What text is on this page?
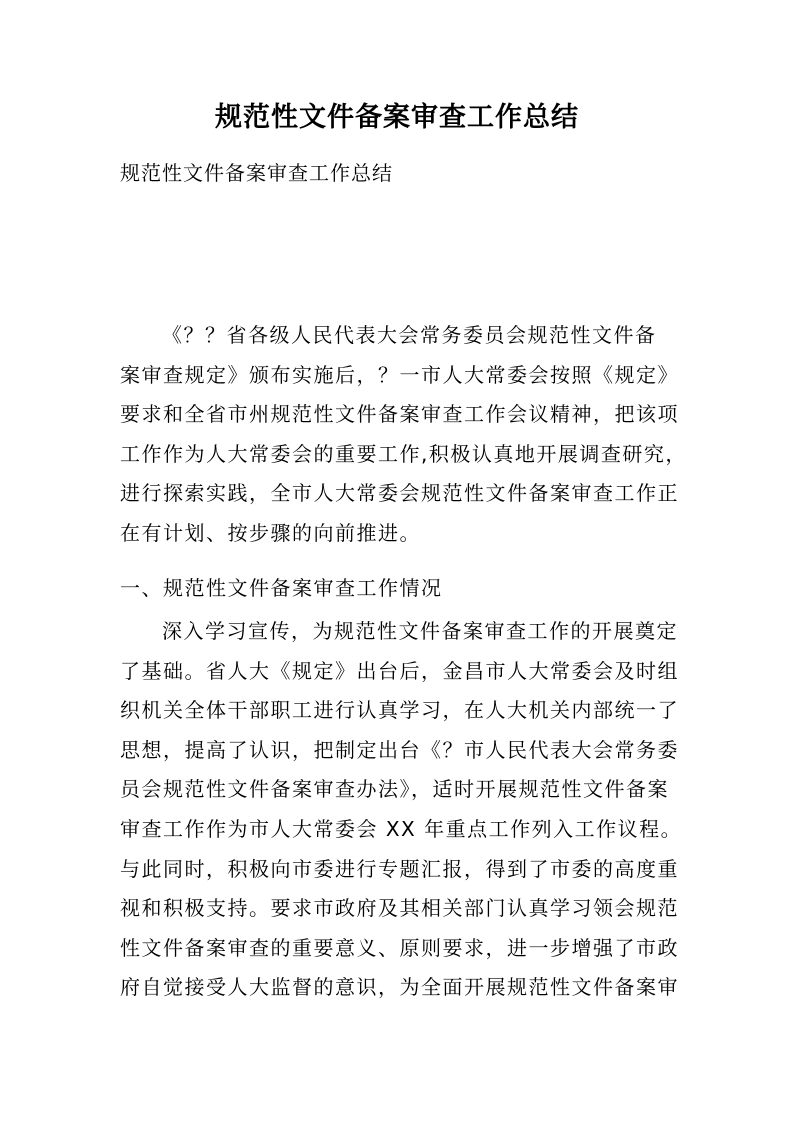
规范性文件备案审查工作总结
规范性文件备案审查工作总结
《？？省各级人民代表大会常务委员会规范性文件备
案审查规定》颁布实施后，？一市人大常委会按照《规定》
要求和全省市州规范性文件备案审查工作会议精神，把该项
工作作为人大常委会的重要工作,积极认真地开展调查研究，
进行探索实践，全市人大常委会规范性文件备案审查工作正
在有计划、按步骤的向前推进。
一、规范性文件备案审查工作情况
深入学习宣传，为规范性文件备案审查工作的开展奠定
了基础。省人大《规定》出台后，金昌市人大常委会及时组
织机关全体干部职工进行认真学习，在人大机关内部统一了
思想，提高了认识，把制定出台《？市人民代表大会常务委
员会规范性文件备案审查办法》，适时开展规范性文件备案
审查工作作为市人大常委会 XX 年重点工作列入工作议程。
与此同时，积极向市委进行专题汇报，得到了市委的高度重
视和积极支持。要求市政府及其相关部门认真学习领会规范
性文件备案审查的重要意义、原则要求，进一步增强了市政
府自觉接受人大监督的意识，为全面开展规范性文件备案审
